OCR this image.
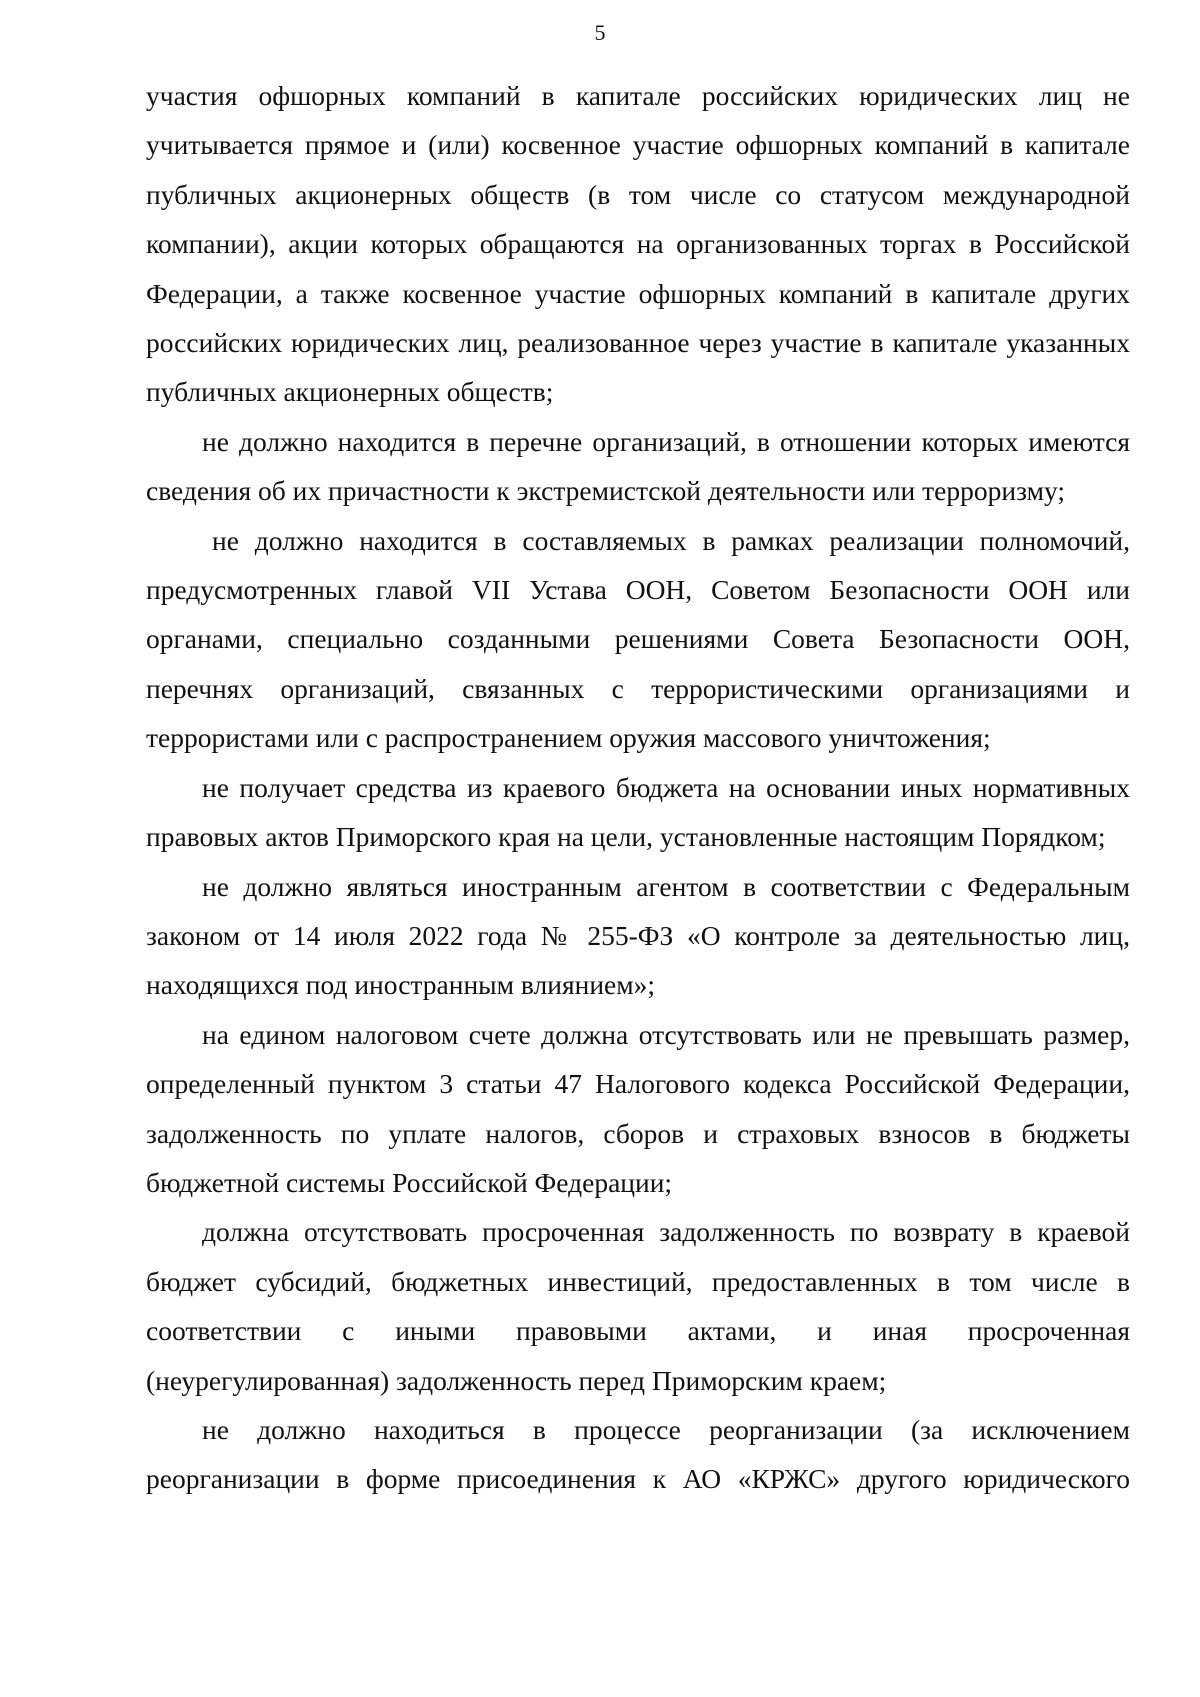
5

участия офшорных компаний в капитале российских юридических лиц не учитывается прямое и (или) косвенное участие офшорных компаний в капитале публичных акционерных обществ (в том числе со статусом международной компании), акции которых обращаются на организованных торгах в Российской Федерации, а также косвенное участие офшорных компаний в капитале других российских юридических лиц, реализованное через участие в капитале указанных публичных акционерных обществ;

не должно находится в перечне организаций, в отношении которых имеются сведения об их причастности к экстремистской деятельности или терроризму;

не должно находится в составляемых в рамках реализации полномочий, предусмотренных главой VII Устава ООН, Советом Безопасности ООН или органами, специально созданными решениями Совета Безопасности ООН, перечнях организаций, связанных с террористическими организациями и террористами или с распространением оружия массового уничтожения;

не получает средства из краевого бюджета на основании иных нормативных правовых актов Приморского края на цели, установленные настоящим Порядком;

не должно являться иностранным агентом в соответствии с Федеральным законом от 14 июля 2022 года № 255-ФЗ «О контроле за деятельностью лиц, находящихся под иностранным влиянием»;

на едином налоговом счете должна отсутствовать или не превышать размер, определенный пунктом 3 статьи 47 Налогового кодекса Российской Федерации, задолженность по уплате налогов, сборов и страховых взносов в бюджеты бюджетной системы Российской Федерации;

должна отсутствовать просроченная задолженность по возврату в краевой бюджет субсидий, бюджетных инвестиций, предоставленных в том числе в соответствии с иными правовыми актами, и иная просроченная (неурегулированная) задолженность перед Приморским краем;

не должно находиться в процессе реорганизации (за исключением реорганизации в форме присоединения к АО «КРЖС» другого юридического
